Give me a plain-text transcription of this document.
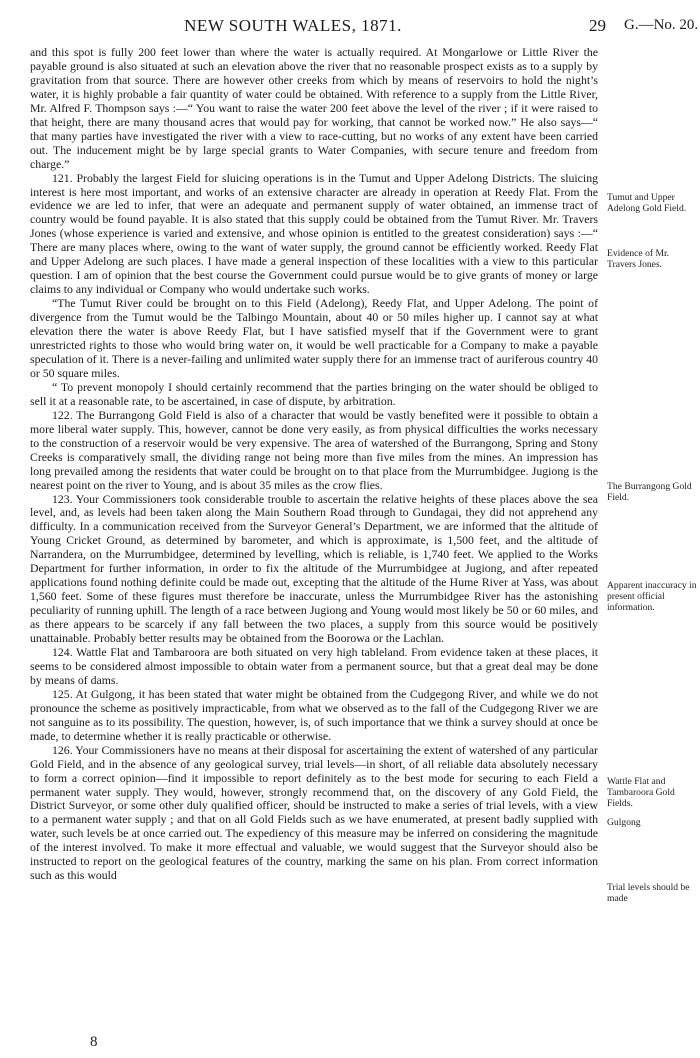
NEW SOUTH WALES, 1871.	29 G.—No. 20.

and this spot is fully 200 feet lower than where the water is actually required. At Mongarlowe or Little River the payable ground is also situated at such an elevation above the river that no reasonable prospect exists as to a supply by gravitation from that source. There are however other creeks from which by means of reservoirs to hold the night’s water, it is highly probable a fair quantity of water could be obtained. With reference to a supply from the Little River, Mr. Alfred F. Thompson says :—“ You want to raise the water 200 feet above the level of the river ; if it were raised to that height, there are many thousand acres that would pay for working, that cannot be worked now.” He also says—“ that many parties have investigated the river with a view to race-cutting, but no works of any extent have been carried out. The inducement might be by large special grants to Water Companies, with secure tenure and freedom from charge.”

121. Probably the largest Field for sluicing operations is in the Tumut and Upper Adelong Districts. The sluicing interest is here most important, and works of an extensive character are already in operation at Reedy Flat. From the evidence we are led to infer, that were an adequate and permanent supply of water obtained, an immense tract of country would be found payable. It is also stated that this supply could be obtained from the Tumut River. Mr. Travers Jones (whose experience is varied and extensive, and whose opinion is entitled to the greatest consideration) says :—“ There are many places where, owing to the want of water supply, the ground cannot be efficiently worked. Reedy Flat and Upper Adelong are such places. I have made a general inspection of these localities with a view to this particular question. I am of opinion that the best course the Government could pursue would be to give grants of money or large claims to any individual or Company who would undertake such works.

“The Tumut River could be brought on to this Field (Adelong), Reedy Flat, and Upper Adelong. The point of divergence from the Tumut would be the Talbingo Mountain, about 40 or 50 miles higher up. I cannot say at what elevation there the water is above Reedy Flat, but I have satisfied myself that if the Government were to grant unrestricted rights to those who would bring water on, it would be well practicable for a Company to make a payable speculation of it. There is a never-failing and unlimited water supply there for an immense tract of auriferous country 40 or 50 square miles.

“ To prevent monopoly I should certainly recommend that the parties bringing on the water should be obliged to sell it at a reasonable rate, to be ascertained, in case of dispute, by arbitration.

122. The Burrangong Gold Field is also of a character that would be vastly benefited were it possible to obtain a more liberal water supply. This, however, cannot be done very easily, as from physical difficulties the works necessary to the construction of a reservoir would be very expensive. The area of watershed of the Burrangong, Spring and Stony Creeks is comparatively small, the dividing range not being more than five miles from the mines. An impression has long prevailed among the residents that water could be brought on to that place from the Murrumbidgee. Jugiong is the nearest point on the river to Young, and is about 35 miles as the crow flies.

123. Your Commissioners took considerable trouble to ascertain the relative heights of these places above the sea level, and, as levels had been taken along the Main Southern Road through to Gundagai, they did not apprehend any difficulty. In a communication received from the Surveyor General’s Department, we are informed that the altitude of Young Cricket Ground, as determined by barometer, and which is approximate, is 1,500 feet, and the altitude of Narrandera, on the Murrumbidgee, determined by levelling, which is reliable, is 1,740 feet. We applied to the Works Department for further information, in order to fix the altitude of the Murrumbidgee at Jugiong, and after repeated applications found nothing definite could be made out, excepting that the altitude of the Hume River at Yass, was about 1,560 feet. Some of these figures must therefore be inaccurate, unless the Murrumbidgee River has the astonishing peculiarity of running uphill. The length of a race between Jugiong and Young would most likely be 50 or 60 miles, and as there appears to be scarcely if any fall between the two places, a supply from this source would be positively unattainable. Probably better results may be obtained from the Boorowa or the Lachlan.

124. Wattle Flat and Tambaroora are both situated on very high tableland. From evidence taken at these places, it seems to be considered almost impossible to obtain water from a permanent source, but that a great deal may be done by means of dams.

125. At Gulgong, it has been stated that water might be obtained from the Cudgegong River, and while we do not pronounce the scheme as positively impracticable, from what we observed as to the fall of the Cudgegong River we are not sanguine as to its possibility. The question, however, is, of such importance that we think a survey should at once be made, to determine whether it is really practicable or otherwise.

126. Your Commissioners have no means at their disposal for ascertaining the extent of watershed of any particular Gold Field, and in the absence of any geological survey, trial levels—in short, of all reliable data absolutely necessary to form a correct opinion—find it impossible to report definitely as to the best mode for securing to each Field a permanent water supply. They would, however, strongly recommend that, on the discovery of any Gold Field, the District Surveyor, or some other duly qualified officer, should be instructed to make a series of trial levels, with a view to a permanent water supply ; and that on all Gold Fields such as we have enumerated, at present badly supplied with water, such levels be at once carried out. The expediency of this measure may be inferred on considering the magnitude of the interest involved. To make it more effectual and valuable, we would suggest that the Surveyor should also be instructed to report on the geological features of the country, marking the same on his plan. From correct information such as this would

Tumut and Upper Adelong Gold Field.
Evidence of Mr. Travers Jones.
The Burrangong Gold Field.
Apparent inaccuracy in present official information.
Wattle Flat and Tambaroora Gold Fields.
Gulgong
Trial levels should be made
8
